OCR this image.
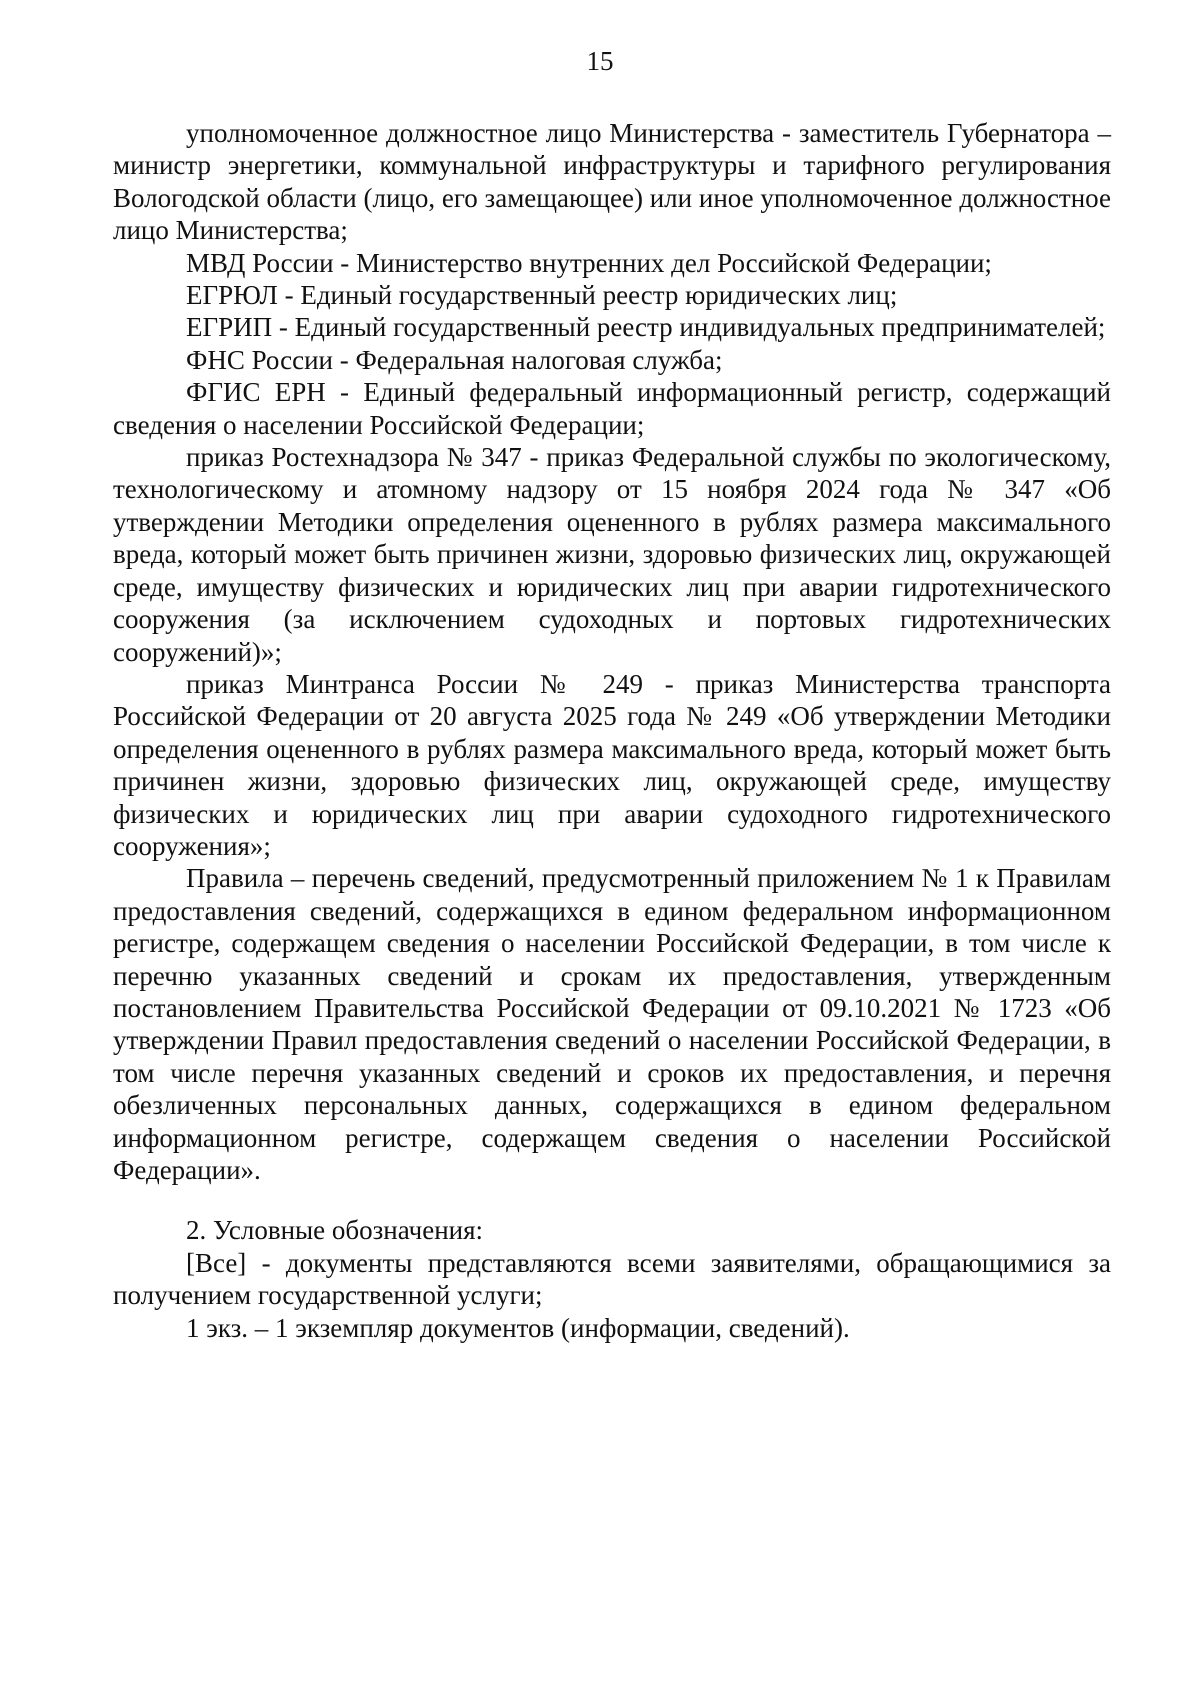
15

уполномоченное должностное лицо Министерства - заместитель Губернатора – министр энергетики, коммунальной инфраструктуры и тарифного регулирования Вологодской области (лицо, его замещающее) или иное уполномоченное должностное лицо Министерства;

МВД России - Министерство внутренних дел Российской Федерации;

ЕГРЮЛ - Единый государственный реестр юридических лиц;

ЕГРИП - Единый государственный реестр индивидуальных предпринимателей;

ФНС России - Федеральная налоговая служба;

ФГИС ЕРН - Единый федеральный информационный регистр, содержащий сведения о населении Российской Федерации;

приказ Ростехнадзора № 347 - приказ Федеральной службы по экологическому, технологическому и атомному надзору от 15 ноября 2024 года № 347 «Об утверждении Методики определения оцененного в рублях размера максимального вреда, который может быть причинен жизни, здоровью физических лиц, окружающей среде, имуществу физических и юридических лиц при аварии гидротехнического сооружения (за исключением судоходных и портовых гидротехнических сооружений)»;

приказ Минтранса России № 249 - приказ Министерства транспорта Российской Федерации от 20 августа 2025 года № 249 «Об утверждении Методики определения оцененного в рублях размера максимального вреда, который может быть причинен жизни, здоровью физических лиц, окружающей среде, имуществу физических и юридических лиц при аварии судоходного гидротехнического сооружения»;

Правила – перечень сведений, предусмотренный приложением № 1 к Правилам предоставления сведений, содержащихся в едином федеральном информационном регистре, содержащем сведения о населении Российской Федерации, в том числе к перечню указанных сведений и срокам их предоставления, утвержденным постановлением Правительства Российской Федерации от 09.10.2021 № 1723 «Об утверждении Правил предоставления сведений о населении Российской Федерации, в том числе перечня указанных сведений и сроков их предоставления, и перечня обезличенных персональных данных, содержащихся в едином федеральном информационном регистре, содержащем сведения о населении Российской Федерации».

2. Условные обозначения:

[Все] - документы представляются всеми заявителями, обращающимися за получением государственной услуги;

1 экз. – 1 экземпляр документов (информации, сведений).
